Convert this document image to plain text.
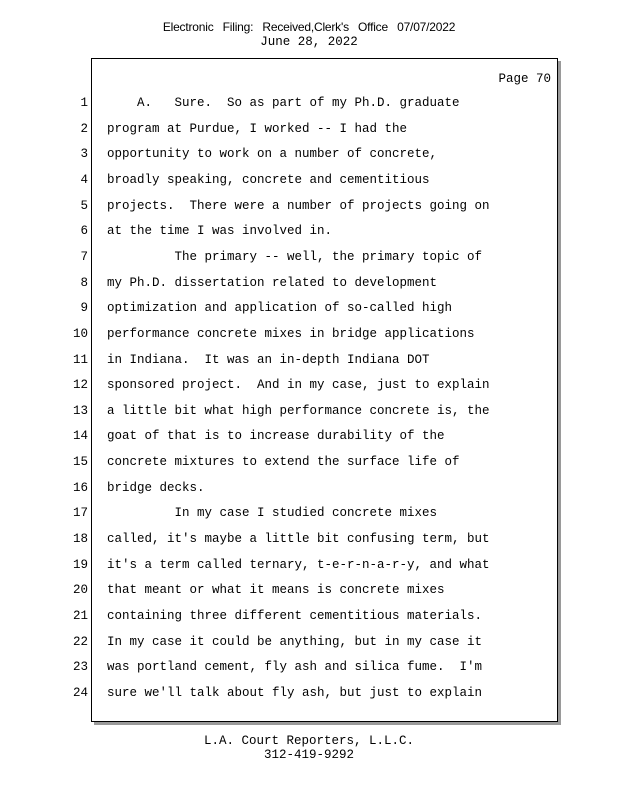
Electronic Filing: Received,Clerk's Office 07/07/2022
June 28, 2022
Page 70
1 A.   Sure.  So as part of my Ph.D. graduate
2 program at Purdue, I worked -- I had the
3 opportunity to work on a number of concrete,
4 broadly speaking, concrete and cementitious
5 projects.  There were a number of projects going on
6 at the time I was involved in.
7 The primary -- well, the primary topic of
8 my Ph.D. dissertation related to development
9 optimization and application of so-called high
10 performance concrete mixes in bridge applications
11 in Indiana.  It was an in-depth Indiana DOT
12 sponsored project.  And in my case, just to explain
13 a little bit what high performance concrete is, the
14 goat of that is to increase durability of the
15 concrete mixtures to extend the surface life of
16 bridge decks.
17 In my case I studied concrete mixes
18 called, it's maybe a little bit confusing term, but
19 it's a term called ternary, t-e-r-n-a-r-y, and what
20 that meant or what it means is concrete mixes
21 containing three different cementitious materials.
22 In my case it could be anything, but in my case it
23 was portland cement, fly ash and silica fume.  I'm
24 sure we'll talk about fly ash, but just to explain
L.A. Court Reporters, L.L.C.
312-419-9292
